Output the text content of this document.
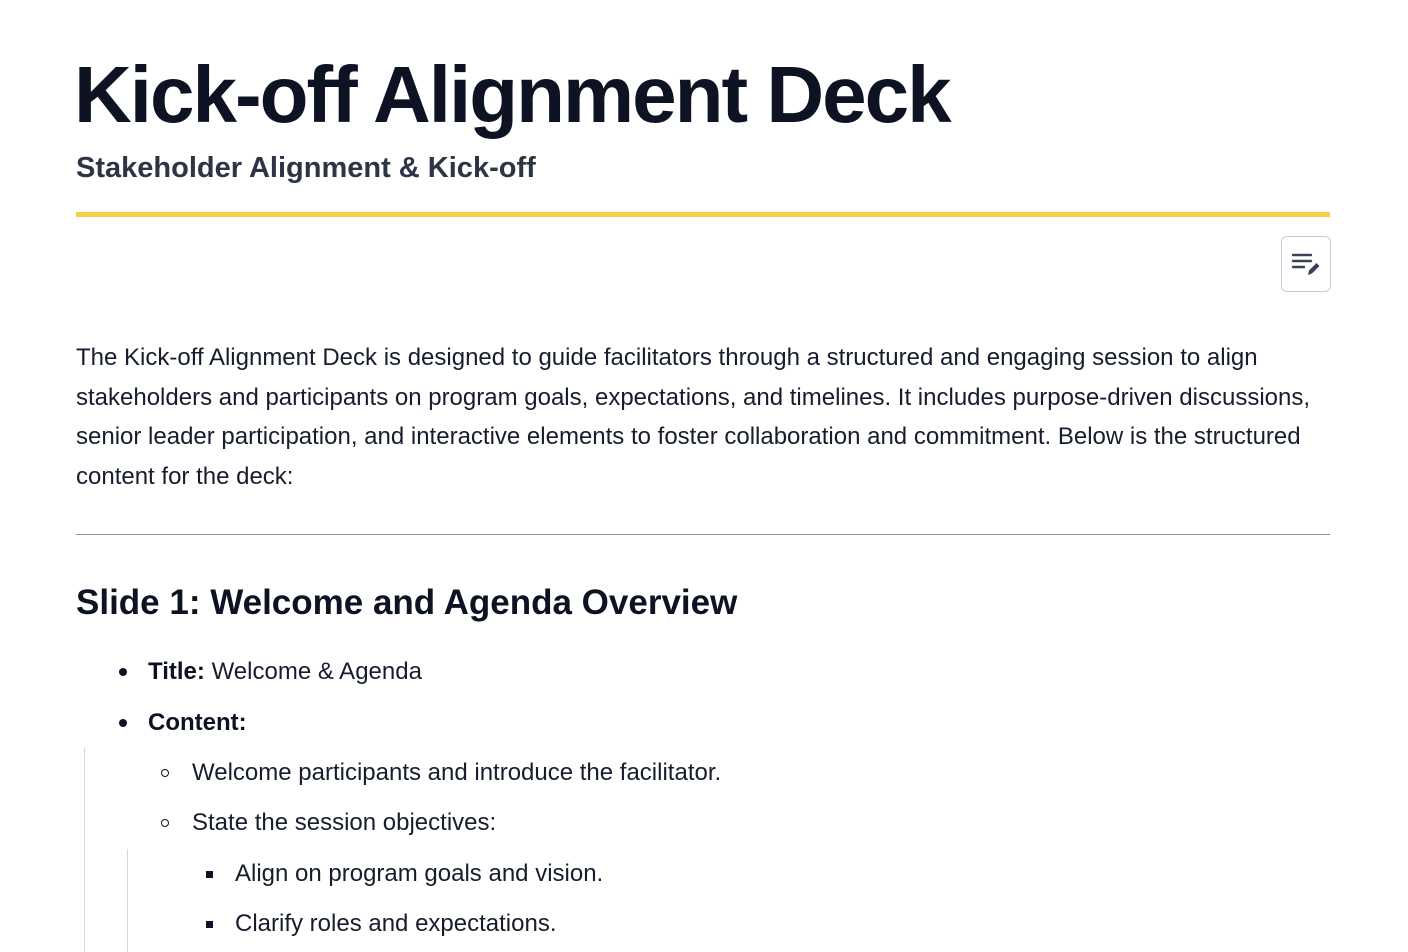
Kick-off Alignment Deck
Stakeholder Alignment & Kick-off

The Kick-off Alignment Deck is designed to guide facilitators through a structured and engaging session to align stakeholders and participants on program goals, expectations, and timelines. It includes purpose-driven discussions, senior leader participation, and interactive elements to foster collaboration and commitment. Below is the structured content for the deck:

Slide 1: Welcome and Agenda Overview
Title: Welcome & Agenda
Content:
Welcome participants and introduce the facilitator.
State the session objectives:
Align on program goals and vision.
Clarify roles and expectations.
